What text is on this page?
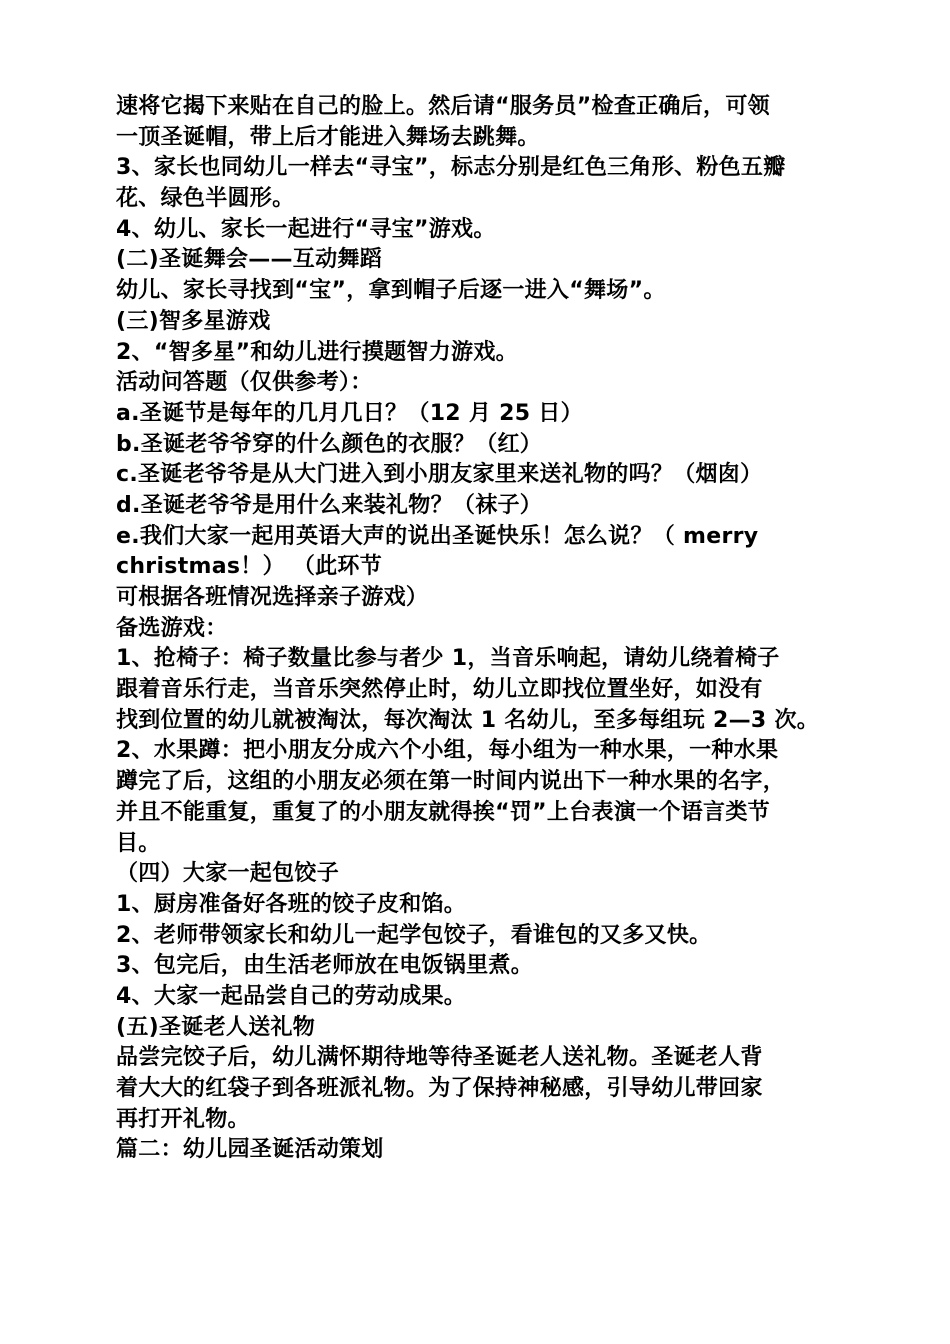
速将它揭下来贴在自己的脸上。然后请“服务员”检查正确后，可领
一顶圣诞帽，带上后才能进入舞场去跳舞。
3、家长也同幼儿一样去“寻宝”，标志分别是红色三角形、粉色五瓣
花、绿色半圆形。
4、幼儿、家长一起进行“寻宝”游戏。
(二)圣诞舞会——互动舞蹈
幼儿、家长寻找到“宝”，拿到帽子后逐一进入“舞场”。
(三)智多星游戏
2、“智多星”和幼儿进行摸题智力游戏。
活动问答题（仅供参考）：
a.圣诞节是每年的几月几日？（12 月 25 日）
b.圣诞老爷爷穿的什么颜色的衣服？（红）
c.圣诞老爷爷是从大门进入到小朋友家里来送礼物的吗？（烟囱）
d.圣诞老爷爷是用什么来装礼物？（袜子）
e.我们大家一起用英语大声的说出圣诞快乐！怎么说？（ merry
christmas！） （此环节
可根据各班情况选择亲子游戏）
备选游戏：
1、抢椅子：椅子数量比参与者少 1，当音乐响起，请幼儿绕着椅子
跟着音乐行走，当音乐突然停止时，幼儿立即找位置坐好，如没有
找到位置的幼儿就被淘汰，每次淘汰 1 名幼儿，至多每组玩 2—3 次。
2、水果蹲：把小朋友分成六个小组，每小组为一种水果，一种水果
蹲完了后，这组的小朋友必须在第一时间内说出下一种水果的名字，
并且不能重复，重复了的小朋友就得挨“罚”上台表演一个语言类节
目。
（四）大家一起包饺子
1、厨房准备好各班的饺子皮和馅。
2、老师带领家长和幼儿一起学包饺子，看谁包的又多又快。
3、包完后，由生活老师放在电饭锅里煮。
4、大家一起品尝自己的劳动成果。
(五)圣诞老人送礼物
品尝完饺子后，幼儿满怀期待地等待圣诞老人送礼物。圣诞老人背
着大大的红袋子到各班派礼物。为了保持神秘感，引导幼儿带回家
再打开礼物。
篇二：幼儿园圣诞活动策划
